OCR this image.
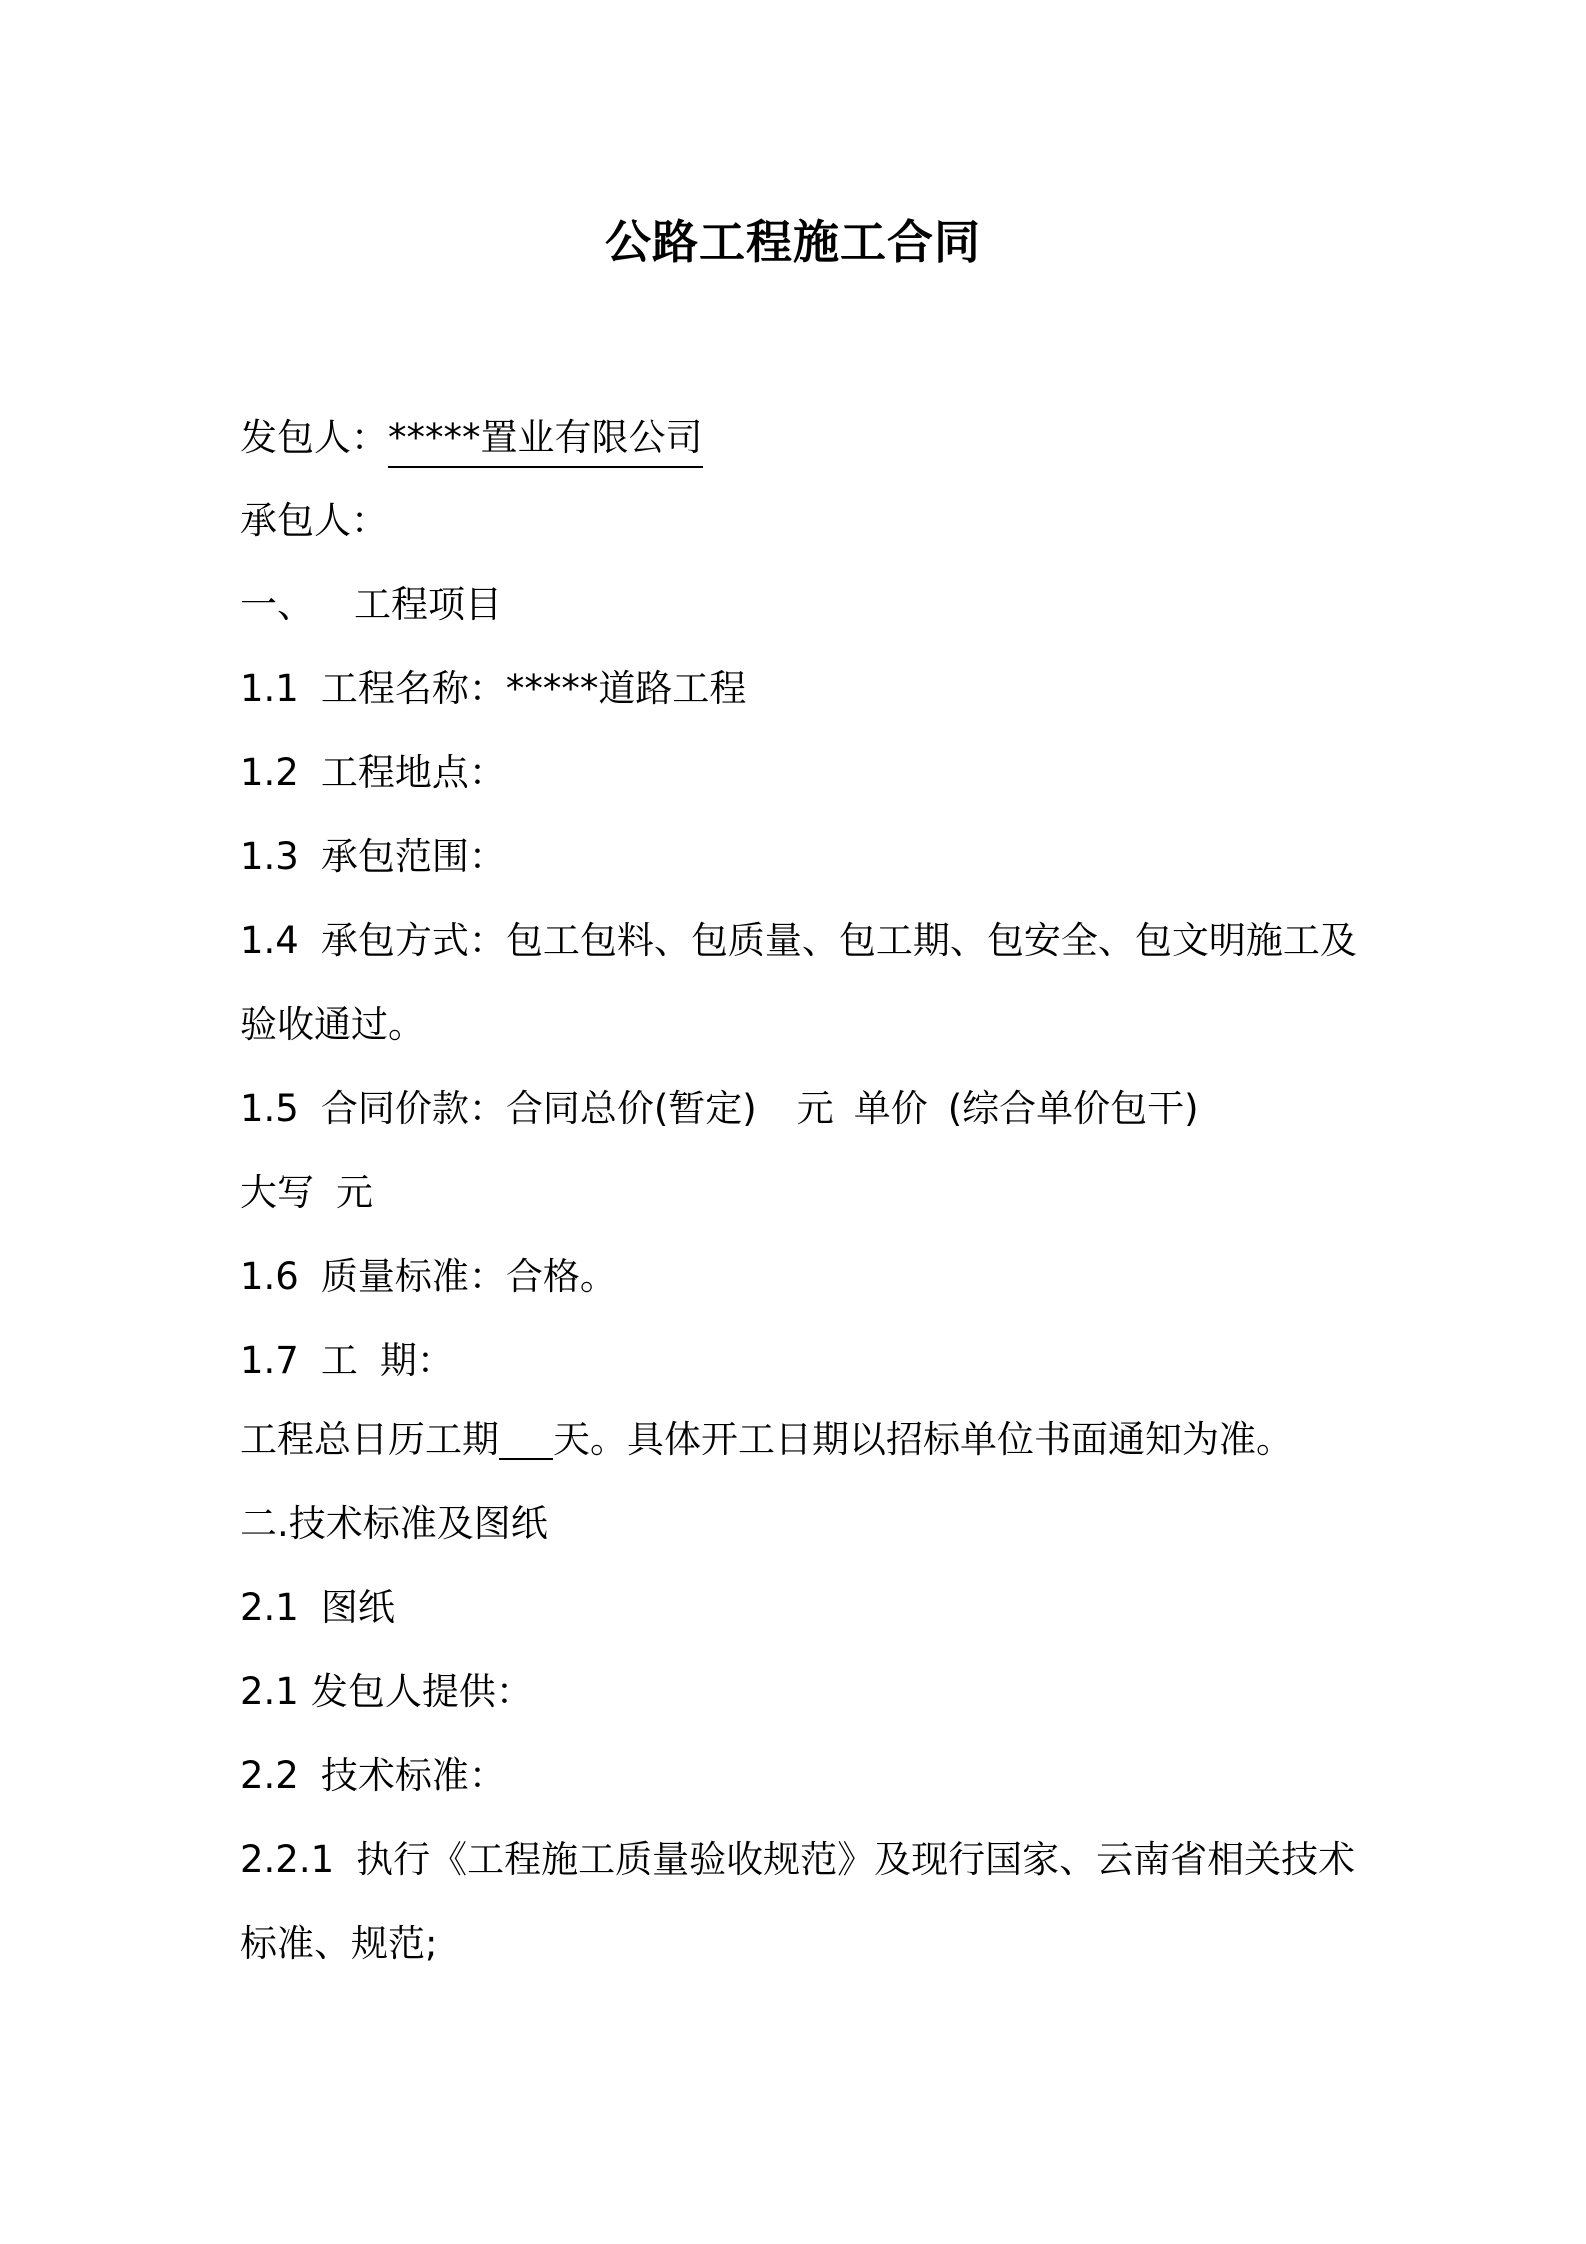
公路工程施工合同
发包人：*****置业有限公司
承包人：
一、 工程项目
1.1 工程名称：*****道路工程
1.2 工程地点：
1.3 承包范围：
1.4 承包方式：包工包料、包质量、包工期、包安全、包文明施工及
验收通过。
1.5 合同价款：合同总价(暂定) 元 单价 (综合单价包干)
大写 元
1.6 质量标准：合格。
1.7 工 期：
工程总日历工期 天。具体开工日期以招标单位书面通知为准。
二.技术标准及图纸
2.1 图纸
2.1 发包人提供：
2.2 技术标准：
2.2.1 执行《工程施工质量验收规范》及现行国家、云南省相关技术
标准、规范;
